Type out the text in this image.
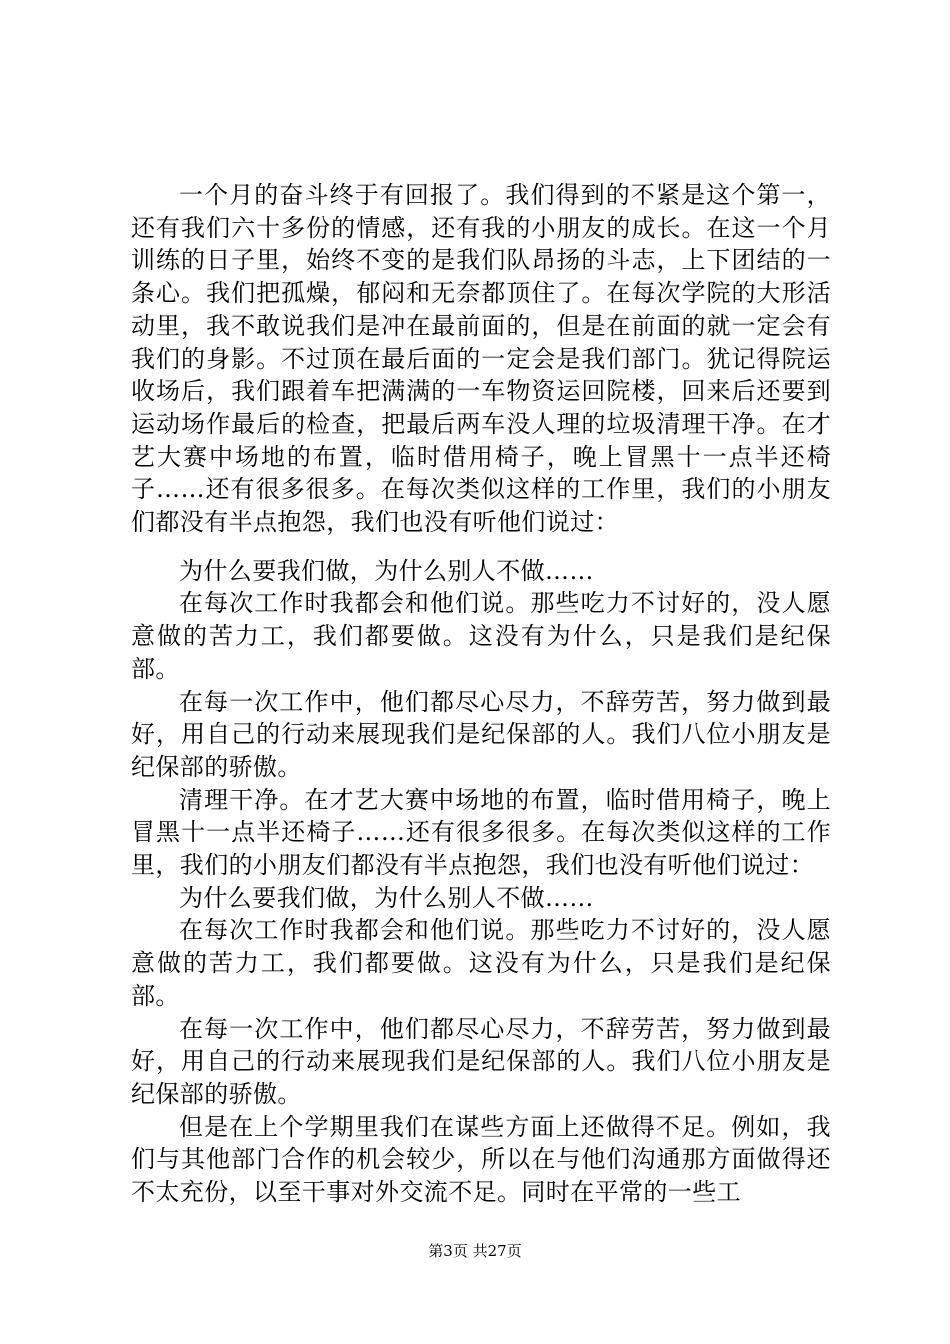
一个月的奋斗终于有回报了。我们得到的不紧是这个第一，还有我们六十多份的情感，还有我的小朋友的成长。在这一个月训练的日子里，始终不变的是我们队昂扬的斗志，上下团结的一条心。我们把孤燥，郁闷和无奈都顶住了。在每次学院的大形活动里，我不敢说我们是冲在最前面的，但是在前面的就一定会有我们的身影。不过顶在最后面的一定会是我们部门。犹记得院运收场后，我们跟着车把满满的一车物资运回院楼，回来后还要到运动场作最后的检查，把最后两车没人理的垃圾清理干净。在才艺大赛中场地的布置，临时借用椅子，晚上冒黑十一点半还椅子……还有很多很多。在每次类似这样的工作里，我们的小朋友们都没有半点抱怨，我们也没有听他们说过：

为什么要我们做，为什么别人不做……

在每次工作时我都会和他们说。那些吃力不讨好的，没人愿意做的苦力工，我们都要做。这没有为什么，只是我们是纪保部。

在每一次工作中，他们都尽心尽力，不辞劳苦，努力做到最好，用自己的行动来展现我们是纪保部的人。我们八位小朋友是纪保部的骄傲。

清理干净。在才艺大赛中场地的布置，临时借用椅子，晚上冒黑十一点半还椅子……还有很多很多。在每次类似这样的工作里，我们的小朋友们都没有半点抱怨，我们也没有听他们说过：

为什么要我们做，为什么别人不做……

在每次工作时我都会和他们说。那些吃力不讨好的，没人愿意做的苦力工，我们都要做。这没有为什么，只是我们是纪保部。

在每一次工作中，他们都尽心尽力，不辞劳苦，努力做到最好，用自己的行动来展现我们是纪保部的人。我们八位小朋友是纪保部的骄傲。

但是在上个学期里我们在谋些方面上还做得不足。例如，我们与其他部门合作的机会较少，所以在与他们沟通那方面做得还不太充份，以至干事对外交流不足。同时在平常的一些工

第3页 共27页
